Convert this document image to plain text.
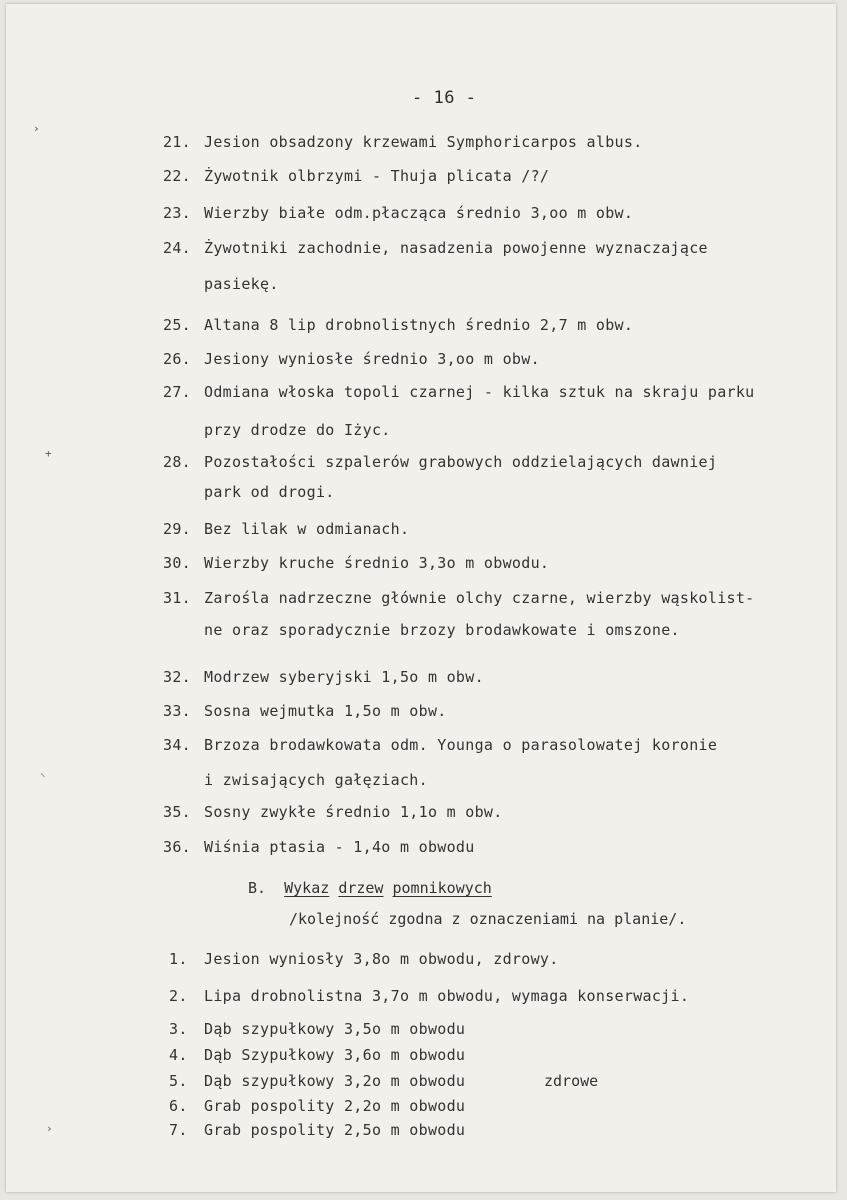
- 16 -
21. Jesion obsadzony krzewami Symphoricarpos albus.
22. Żywotnik olbrzymi - Thuja plicata /?/
23. Wierzby białe odm.płacząca średnio 3,oo m obw.
24. Żywotniki zachodnie, nasadzenia powojenne wyznaczające
pasiekę.
25. Altana 8 lip drobnolistnych średnio 2,7 m obw.
26. Jesiony wyniosłe średnio 3,oo m obw.
27. Odmiana włoska topoli czarnej - kilka sztuk na skraju parku
przy drodze do Iżyc.
28. Pozostałości szpalerów grabowych oddzielających dawniej
park od drogi.
29. Bez lilak w odmianach.
30. Wierzby kruche średnio 3,3o m obwodu.
31. Zarośla nadrzeczne głównie olchy czarne, wierzby wąskolist-
ne oraz sporadycznie brzozy brodawkowate i omszone.
32. Modrzew syberyjski 1,5o m obw.
33. Sosna wejmutka 1,5o m obw.
34. Brzoza brodawkowata odm. Younga o parasolowatej koronie
i zwisających gałęziach.
35. Sosny zwykłe średnio 1,1o m obw.
36. Wiśnia ptasia - 1,4o m obwodu
B. Wykaz drzew pomnikowych
/kolejność zgodna z oznaczeniami na planie/.
1. Jesion wyniosły 3,8o m obwodu, zdrowy.
2. Lipa drobnolistna 3,7o m obwodu, wymaga konserwacji.
3. Dąb szypułkowy 3,5o m obwodu
4. Dąb Szypułkowy 3,6o m obwodu
5. Dąb szypułkowy 3,2o m obwodu
6. Grab pospolity 2,2o m obwodu
7. Grab pospolity 2,5o m obwodu
zdrowe
›
+
⸌
›
